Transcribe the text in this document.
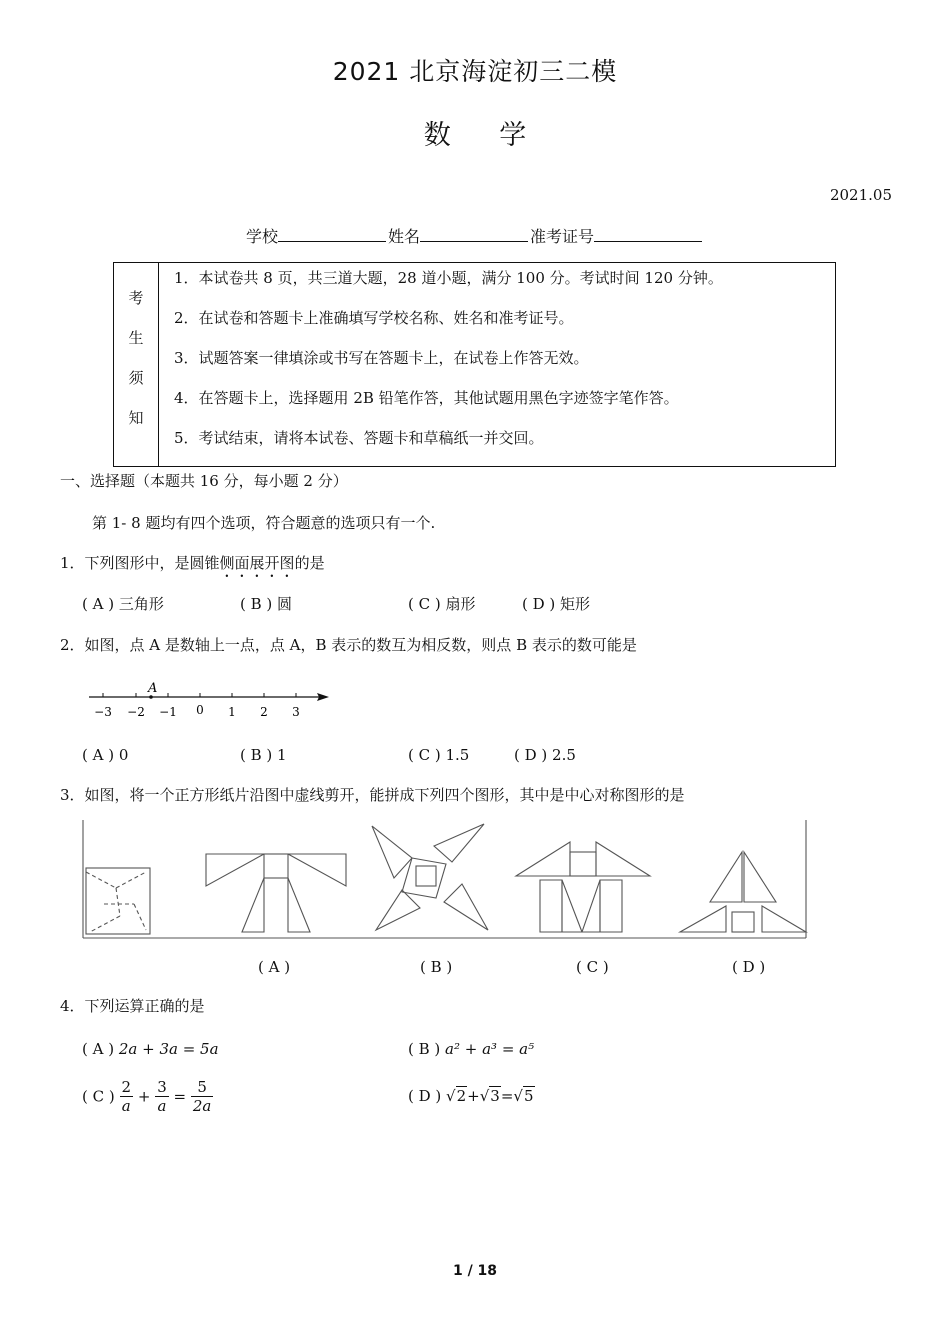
2021 北京海淀初三二模
数 学
2021.05
学校	姓名	准考证号
考
生
须
知
1．本试卷共 8 页，共三道大题，28 道小题，满分 100 分。考试时间 120 分钟。
2．在试卷和答题卡上准确填写学校名称、姓名和准考证号。
3．试题答案一律填涂或书写在答题卡上，在试卷上作答无效。
4．在答题卡上，选择题用 2B 铅笔作答，其他试题用黑色字迹签字笔作答。
5．考试结束，请将本试卷、答题卡和草稿纸一并交回。
一、选择题（本题共 16 分，每小题 2 分）
第 1- 8 题均有四个选项，符合题意的选项只有一个.
1．下列图形中，是圆锥侧面展开图的是
( A ) 三角形	( B ) 圆	( C ) 扇形	( D ) 矩形
2．如图，点 A 是数轴上一点，点 A，B 表示的数互为相反数，则点 B 表示的数可能是
A
−3 −2 −1 0 1 2 3
( A ) 0	( B ) 1	( C ) 1.5	( D ) 2.5
3．如图，将一个正方形纸片沿图中虚线剪开，能拼成下列四个图形，其中是中心对称图形的是
( A )	( B )	( C )	( D )
4．下列运算正确的是
( A ) 2a + 3a = 5a	( B ) a² + a³ = a⁵
( C ) $\frac{2}{a} + \frac{3}{a} = \frac{5}{2a}$	( D ) √2+√3=√5
1 / 18
